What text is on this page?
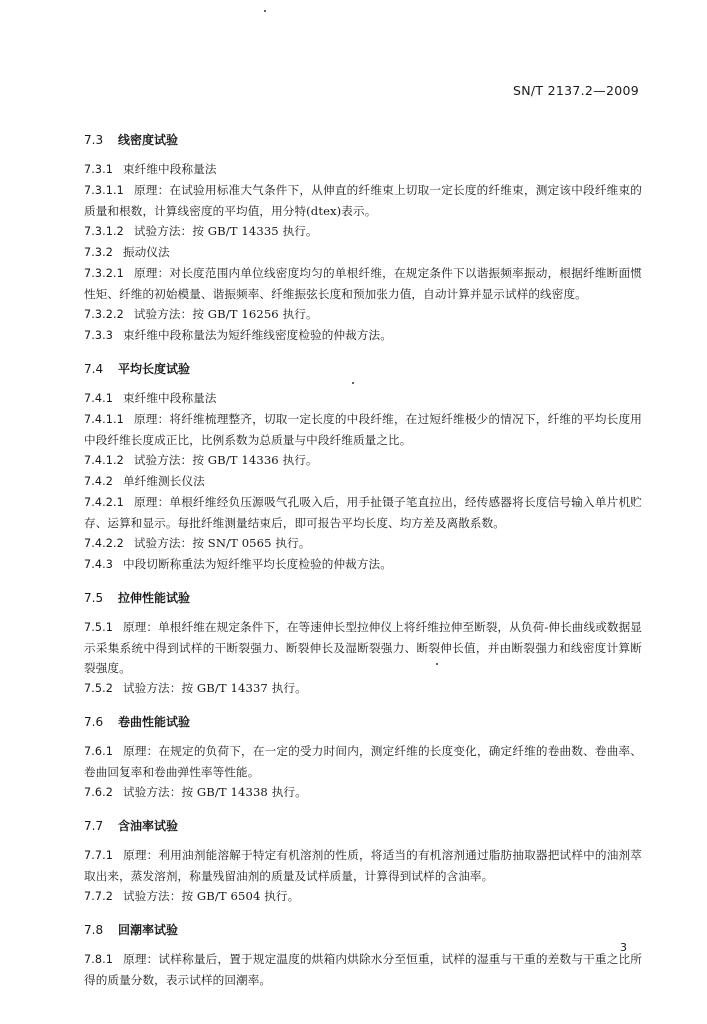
SN/T 2137.2—2009
7.3 线密度试验

7.3.1 束纤维中段称量法

7.3.1.1 原理：在试验用标准大气条件下，从伸直的纤维束上切取一定长度的纤维束，测定该中段纤维束的质量和根数，计算线密度的平均值，用分特(dtex)表示。

7.3.1.2 试验方法：按 GB/T 14335 执行。

7.3.2 振动仪法

7.3.2.1 原理：对长度范围内单位线密度均匀的单根纤维，在规定条件下以谐振频率振动，根据纤维断面惯性矩、纤维的初始模量、谐振频率、纤维振弦长度和预加张力值，自动计算并显示试样的线密度。

7.3.2.2 试验方法：按 GB/T 16256 执行。

7.3.3 束纤维中段称量法为短纤维线密度检验的仲裁方法。

7.4 平均长度试验

7.4.1 束纤维中段称量法

7.4.1.1 原理：将纤维梳理整齐，切取一定长度的中段纤维，在过短纤维极少的情况下，纤维的平均长度用中段纤维长度成正比，比例系数为总质量与中段纤维质量之比。

7.4.1.2 试验方法：按 GB/T 14336 执行。

7.4.2 单纤维测长仪法

7.4.2.1 原理：单根纤维经负压源吸气孔吸入后，用手扯镊子笔直拉出，经传感器将长度信号输入单片机贮存、运算和显示。每批纤维测量结束后，即可报告平均长度、均方差及离散系数。

7.4.2.2 试验方法：按 SN/T 0565 执行。

7.4.3 中段切断称重法为短纤维平均长度检验的仲裁方法。

7.5 拉伸性能试验

7.5.1 原理：单根纤维在规定条件下，在等速伸长型拉伸仪上将纤维拉伸至断裂，从负荷-伸长曲线或数据显示采集系统中得到试样的干断裂强力、断裂伸长及湿断裂强力、断裂伸长值，并由断裂强力和线密度计算断裂强度。

7.5.2 试验方法：按 GB/T 14337 执行。

7.6 卷曲性能试验

7.6.1 原理：在规定的负荷下，在一定的受力时间内，测定纤维的长度变化，确定纤维的卷曲数、卷曲率、卷曲回复率和卷曲弹性率等性能。

7.6.2 试验方法：按 GB/T 14338 执行。

7.7 含油率试验

7.7.1 原理：利用油剂能溶解于特定有机溶剂的性质，将适当的有机溶剂通过脂肪抽取器把试样中的油剂萃取出来，蒸发溶剂，称量残留油剂的质量及试样质量，计算得到试样的含油率。

7.7.2 试验方法：按 GB/T 6504 执行。

7.8 回潮率试验

7.8.1 原理：试样称量后，置于规定温度的烘箱内烘除水分至恒重，试样的湿重与干重的差数与干重之比所得的质量分数，表示试样的回潮率。

3
